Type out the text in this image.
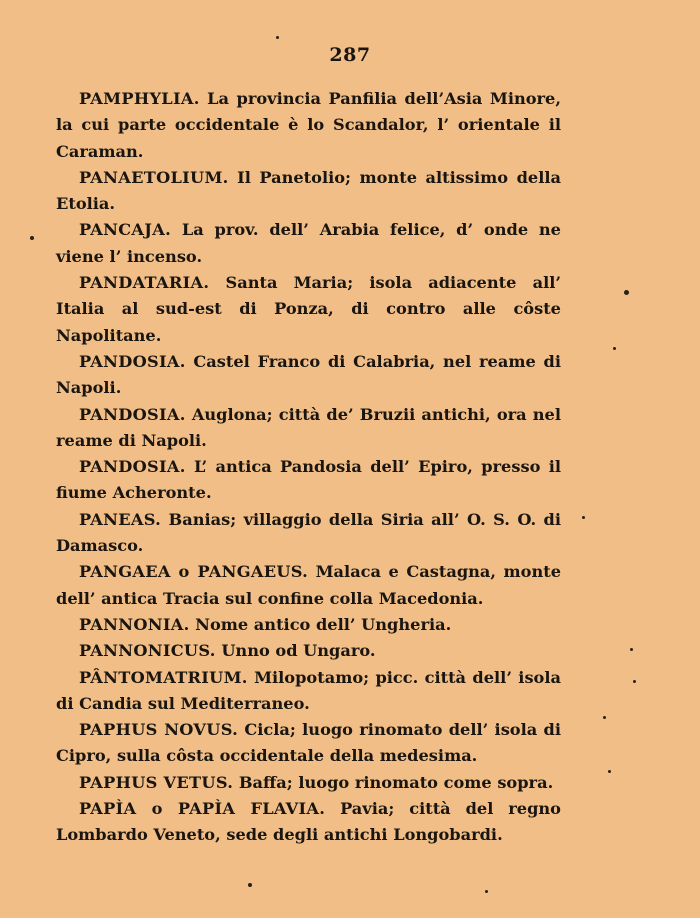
287

PAMPHYLIA. La provincia Panfilia dell’Asia Minore, la cui parte occidentale è lo Scandalor, l’ orientale il Caraman.

PANAETOLIUM. Il Panetolio; monte altissimo della Etolia.

PANCAJA. La prov. dell’ Arabia felice, d’ onde ne viene l’ incenso.

PANDATARIA. Santa Maria; isola adiacente all’ Italia al sud-est di Ponza, di contro alle côste Napolitane.

PANDOSIA. Castel Franco di Calabria, nel reame di Napoli.

PANDOSIA. Auglona; città de’ Bruzii antichi, ora nel reame di Napoli.

PANDOSIA. L’ antica Pandosia dell’ Epiro, presso il fiume Acheronte.

PANEAS. Banias; villaggio della Siria all’ O. S. O. di Damasco.

PANGAEA o PANGAEUS. Malaca e Castagna, monte dell’ antica Tracia sul confine colla Macedonia.

PANNONIA. Nome antico dell’ Ungheria.

PANNONICUS. Unno od Ungaro.

PÂNTOMATRIUM. Milopotamo; picc. città dell’ isola di Candia sul Mediterraneo.

PAPHUS NOVUS. Cicla; luogo rinomato dell’ isola di Cipro, sulla côsta occidentale della medesima.

PAPHUS VETUS. Baffa; luogo rinomato come sopra.

PAPÌA o PAPÌA FLAVIA. Pavia; città del regno Lombardo Veneto, sede degli antichi Longobardi.
